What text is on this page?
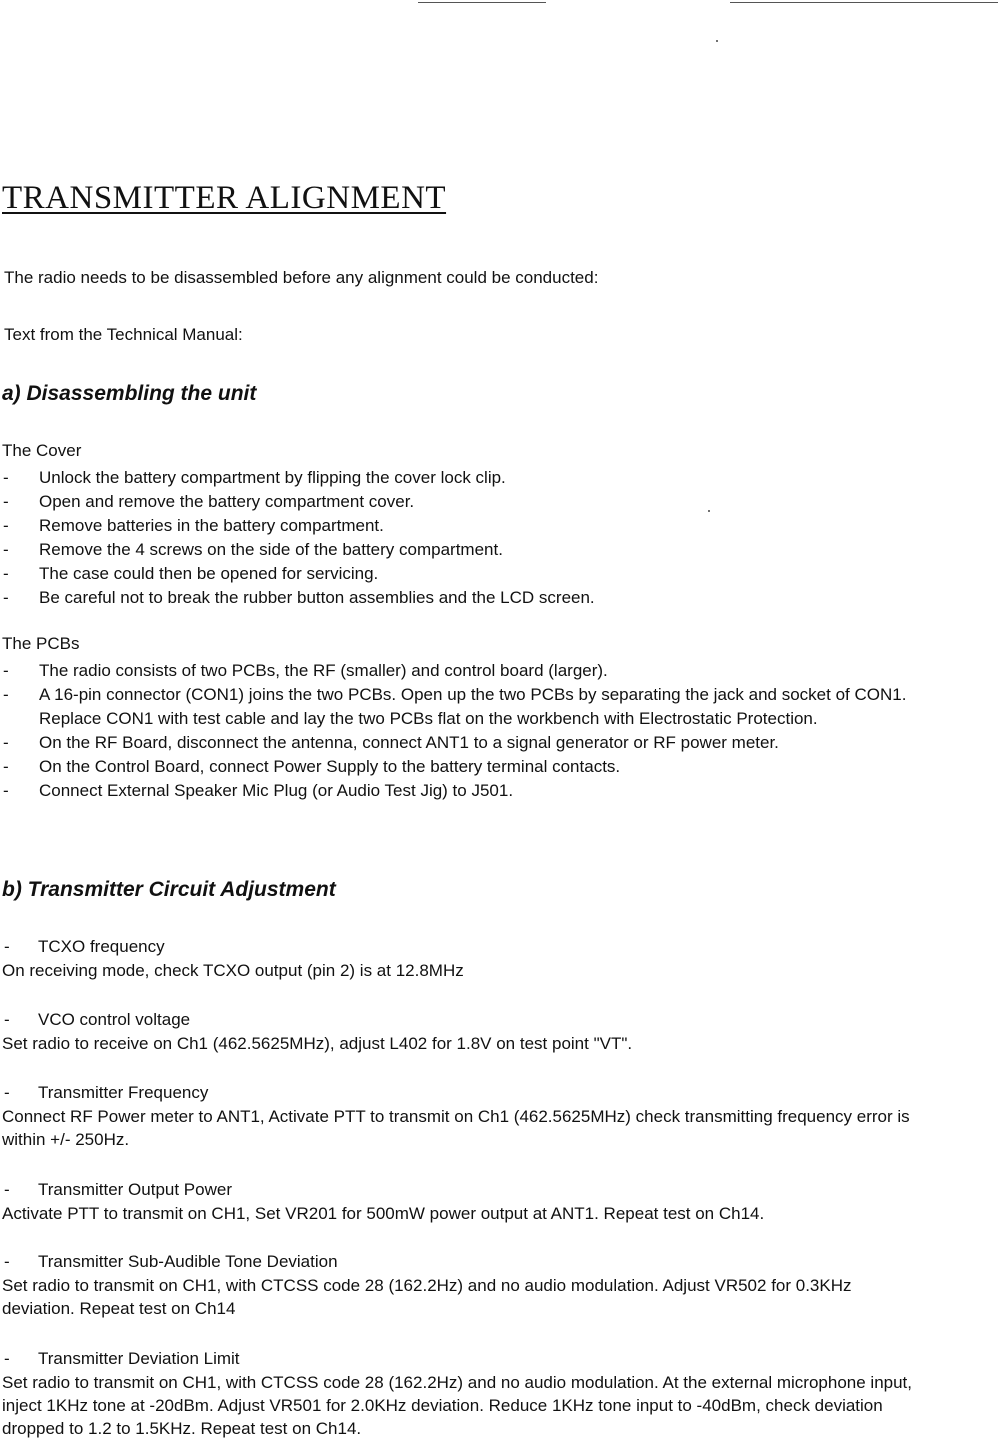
TRANSMITTER ALIGNMENT
The radio needs to be disassembled before any alignment could be conducted:
Text from the Technical Manual:
a) Disassembling the unit
The Cover
- Unlock the battery compartment by flipping the cover lock clip.
- Open and remove the battery compartment cover.
- Remove batteries in the battery compartment.
- Remove the 4 screws on the side of the battery compartment.
- The case could then be opened for servicing.
- Be careful not to break the rubber button assemblies and the LCD screen.
The PCBs
- The radio consists of two PCBs, the RF (smaller) and control board (larger).
- A 16-pin connector (CON1) joins the two PCBs. Open up the two PCBs by separating the jack and socket of CON1. Replace CON1 with test cable and lay the two PCBs flat on the workbench with Electrostatic Protection.
- On the RF Board, disconnect the antenna, connect ANT1 to a signal generator or RF power meter.
- On the Control Board, connect Power Supply to the battery terminal contacts.
- Connect External Speaker Mic Plug (or Audio Test Jig) to J501.
b) Transmitter Circuit Adjustment
- TCXO frequency
On receiving mode, check TCXO output (pin 2) is at 12.8MHz
- VCO control voltage
Set radio to receive on Ch1 (462.5625MHz), adjust L402 for 1.8V on test point "VT".
- Transmitter Frequency
Connect RF Power meter to ANT1, Activate PTT to transmit on Ch1 (462.5625MHz) check transmitting frequency error is within +/- 250Hz.
- Transmitter Output Power
Activate PTT to transmit on CH1, Set VR201 for 500mW power output at ANT1. Repeat test on Ch14.
- Transmitter Sub-Audible Tone Deviation
Set radio to transmit on CH1, with CTCSS code 28 (162.2Hz) and no audio modulation. Adjust VR502 for 0.3KHz deviation. Repeat test on Ch14
- Transmitter Deviation Limit
Set radio to transmit on CH1, with CTCSS code 28 (162.2Hz) and no audio modulation. At the external microphone input, inject 1KHz tone at -20dBm. Adjust VR501 for 2.0KHz deviation. Reduce 1KHz tone input to -40dBm, check deviation dropped to 1.2 to 1.5KHz. Repeat test on Ch14.
